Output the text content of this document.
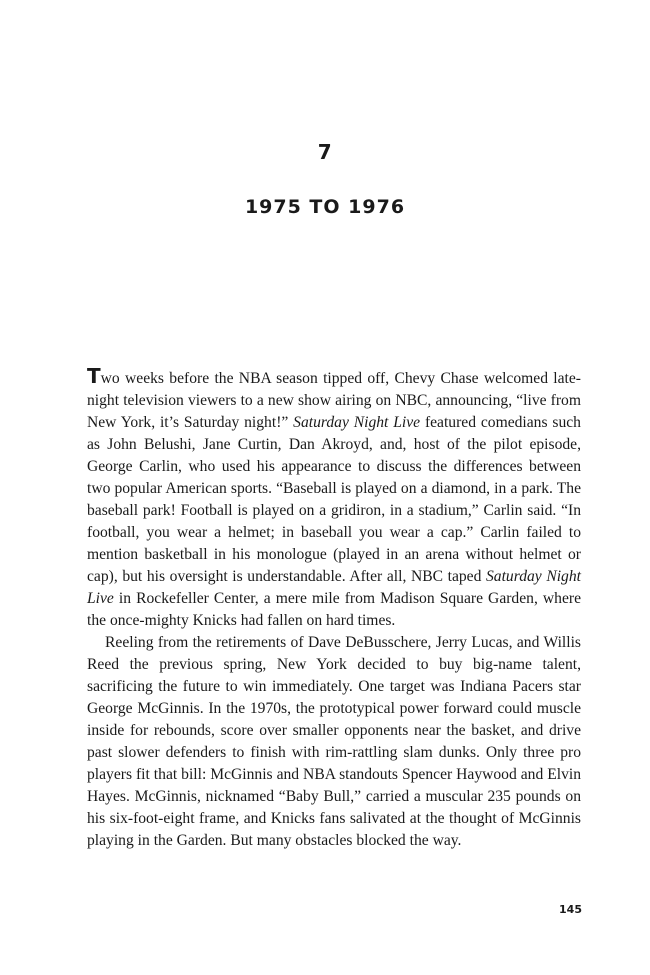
7
1975 TO 1976

Two weeks before the NBA season tipped off, Chevy Chase welcomed late-night television viewers to a new show airing on NBC, announcing, “live from New York, it’s Saturday night!” Saturday Night Live featured comedians such as John Belushi, Jane Curtin, Dan Akroyd, and, host of the pilot episode, George Carlin, who used his appearance to discuss the differences between two popular American sports. “Baseball is played on a diamond, in a park. The baseball park! Football is played on a gridiron, in a stadium,” Carlin said. “In football, you wear a helmet; in baseball you wear a cap.” Carlin failed to mention basketball in his monologue (played in an arena without helmet or cap), but his oversight is understandable. After all, NBC taped Saturday Night Live in Rockefeller Center, a mere mile from Madison Square Garden, where the once-mighty Knicks had fallen on hard times.

Reeling from the retirements of Dave DeBusschere, Jerry Lucas, and Willis Reed the previous spring, New York decided to buy big-name talent, sacrificing the future to win immediately. One target was Indiana Pacers star George McGinnis. In the 1970s, the prototypical power forward could muscle inside for rebounds, score over smaller opponents near the basket, and drive past slower defenders to finish with rim-rattling slam dunks. Only three pro players fit that bill: McGinnis and NBA standouts Spencer Haywood and Elvin Hayes. McGinnis, nicknamed “Baby Bull,” carried a muscular 235 pounds on his six-foot-eight frame, and Knicks fans salivated at the thought of McGinnis playing in the Garden. But many obstacles blocked the way.

145
